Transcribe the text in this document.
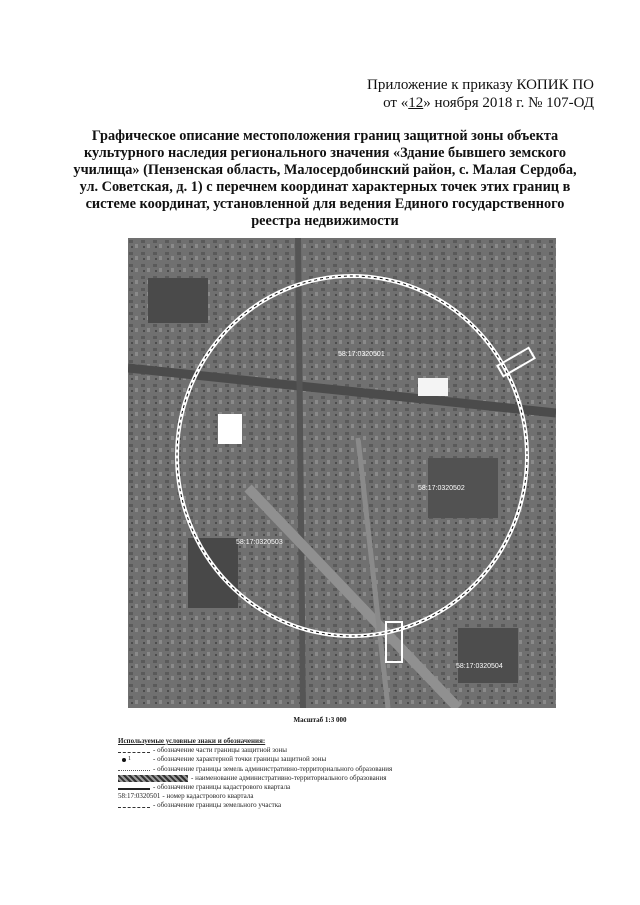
Приложение к приказу КОПИК ПО
от «12» ноября 2018 г. № 107-ОД
Графическое описание местоположения границ защитной зоны объекта культурного наследия регионального значения «Здание бывшего земского училища» (Пензенская область, Малосердобинский район, с. Малая Сердоба, ул. Советская, д. 1) с перечнем координат характерных точек этих границ в системе координат, установленной для ведения Единого государственного реестра недвижимости
58:17:0320501
58:17:0320502
58:17:0320503
58:17:0320504
Масштаб 1:3 000
Используемые условные знаки и обозначения:
- обозначение части границы защитной зоны
1
- обозначение характерной точки границы защитной зоны
- обозначение границы земель административно-территориального образования
- наименование административно-территориального образования
- обозначение границы кадастрового квартала
58:17:0320501 - номер кадастрового квартала
- обозначение границы земельного участка
